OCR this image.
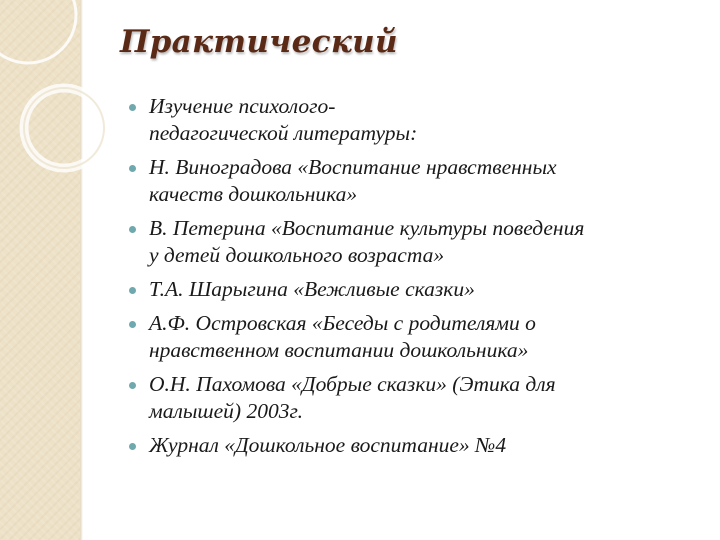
Практический
Изучение психолого-
педагогической литературы:
Н. Виноградова «Воспитание нравственных
качеств дошкольника»
В. Петерина «Воспитание культуры поведения
у детей дошкольного возраста»
Т.А. Шарыгина «Вежливые сказки»
А.Ф. Островская «Беседы с родителями о
нравственном воспитании дошкольника»
О.Н. Пахомова «Добрые сказки» (Этика для
малышей) 2003г.
Журнал «Дошкольное воспитание» №4
